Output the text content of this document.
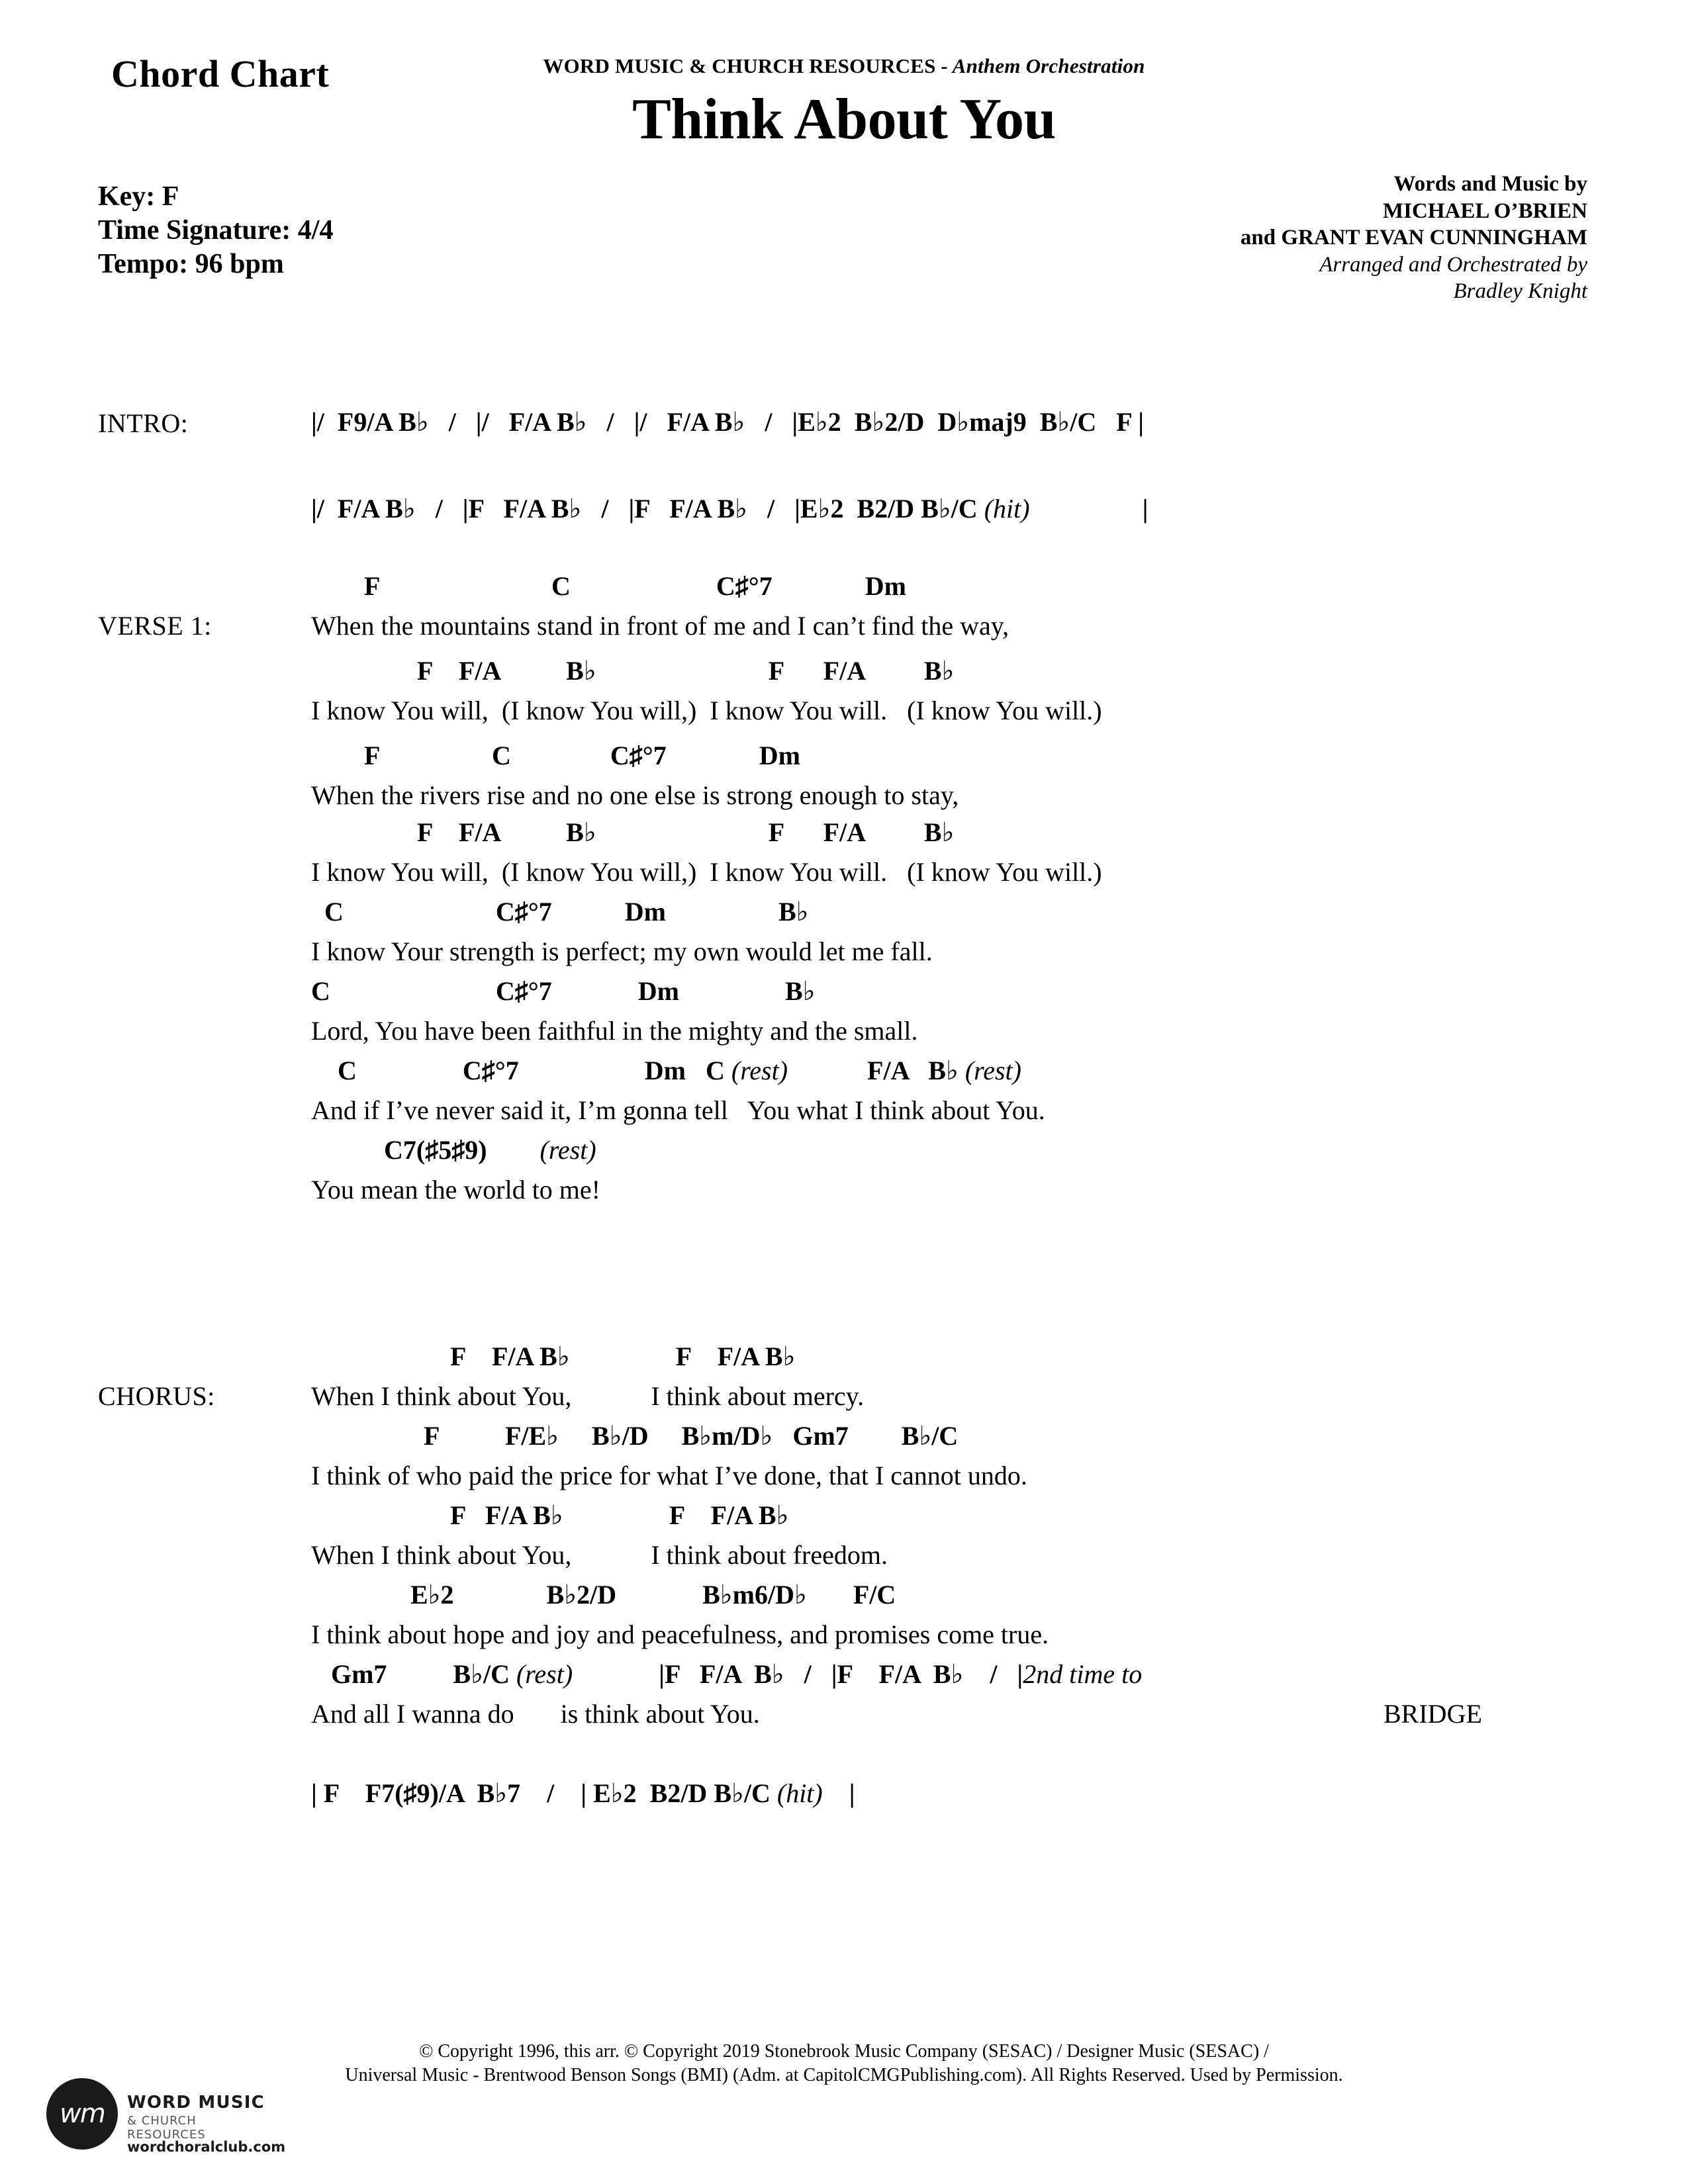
Chord Chart	WORD MUSIC & CHURCH RESOURCES - Anthem Orchestration
Think About You
Key: F
Time Signature: 4/4
Tempo: 96 bpm
Words and Music by
MICHAEL O’BRIEN
and GRANT EVAN CUNNINGHAM
Arranged and Orchestrated by
Bradley Knight
INTRO:	|/  F9/A B♭   /   |/   F/A B♭   /   |/   F/A B♭   /   |E♭2  B♭2/D  D♭maj9  B♭/C   F |
|/  F/A B♭   /   |F   F/A B♭   /   |F   F/A B♭   /   |E♭2  B2/D B♭/C (hit)	|
VERSE 1:
F                          C                      C♯°7              Dm
When the mountains stand in front of me and I can’t find the way,
F    F/A          B♭                          F      F/A         B♭
I know You will,  (I know You will,)  I know You will.   (I know You will.)
F                 C               C♯°7              Dm
When the rivers rise and no one else is strong enough to stay,
F    F/A          B♭                          F      F/A         B♭
I know You will,  (I know You will,)  I know You will.   (I know You will.)
C                       C♯°7           Dm                 B♭
I know Your strength is perfect; my own would let me fall.
C                         C♯°7             Dm                B♭
Lord, You have been faithful in the mighty and the small.
C                C♯°7                   Dm   C (rest)            F/A   B♭ (rest)
And if I’ve never said it, I’m gonna tell   You what I think about You.
C7(♯5♯9)        (rest)
You mean the world to me!
CHORUS:
F    F/A B♭                F    F/A B♭
When I think about You,            I think about mercy.
F          F/E♭     B♭/D     B♭m/D♭   Gm7        B♭/C
I think of who paid the price for what I’ve done, that I cannot undo.
F   F/A B♭                F    F/A B♭
When I think about You,            I think about freedom.
E♭2              B♭2/D             B♭m6/D♭       F/C
I think about hope and joy and peacefulness, and promises come true.
Gm7          B♭/C (rest)             |F   F/A  B♭   /   |F    F/A  B♭    /   |2nd time to
And all I wanna do       is think about You.	BRIDGE
| F    F7(♯9)/A  B♭7    /    | E♭2  B2/D B♭/C (hit)    |
© Copyright 1996, this arr. © Copyright 2019 Stonebrook Music Company (SESAC) / Designer Music (SESAC) /
Universal Music - Brentwood Benson Songs (BMI) (Adm. at CapitolCMGPublishing.com). All Rights Reserved. Used by Permission.
wm	WORD MUSIC
& CHURCH RESOURCES
wordchoralclub.com
